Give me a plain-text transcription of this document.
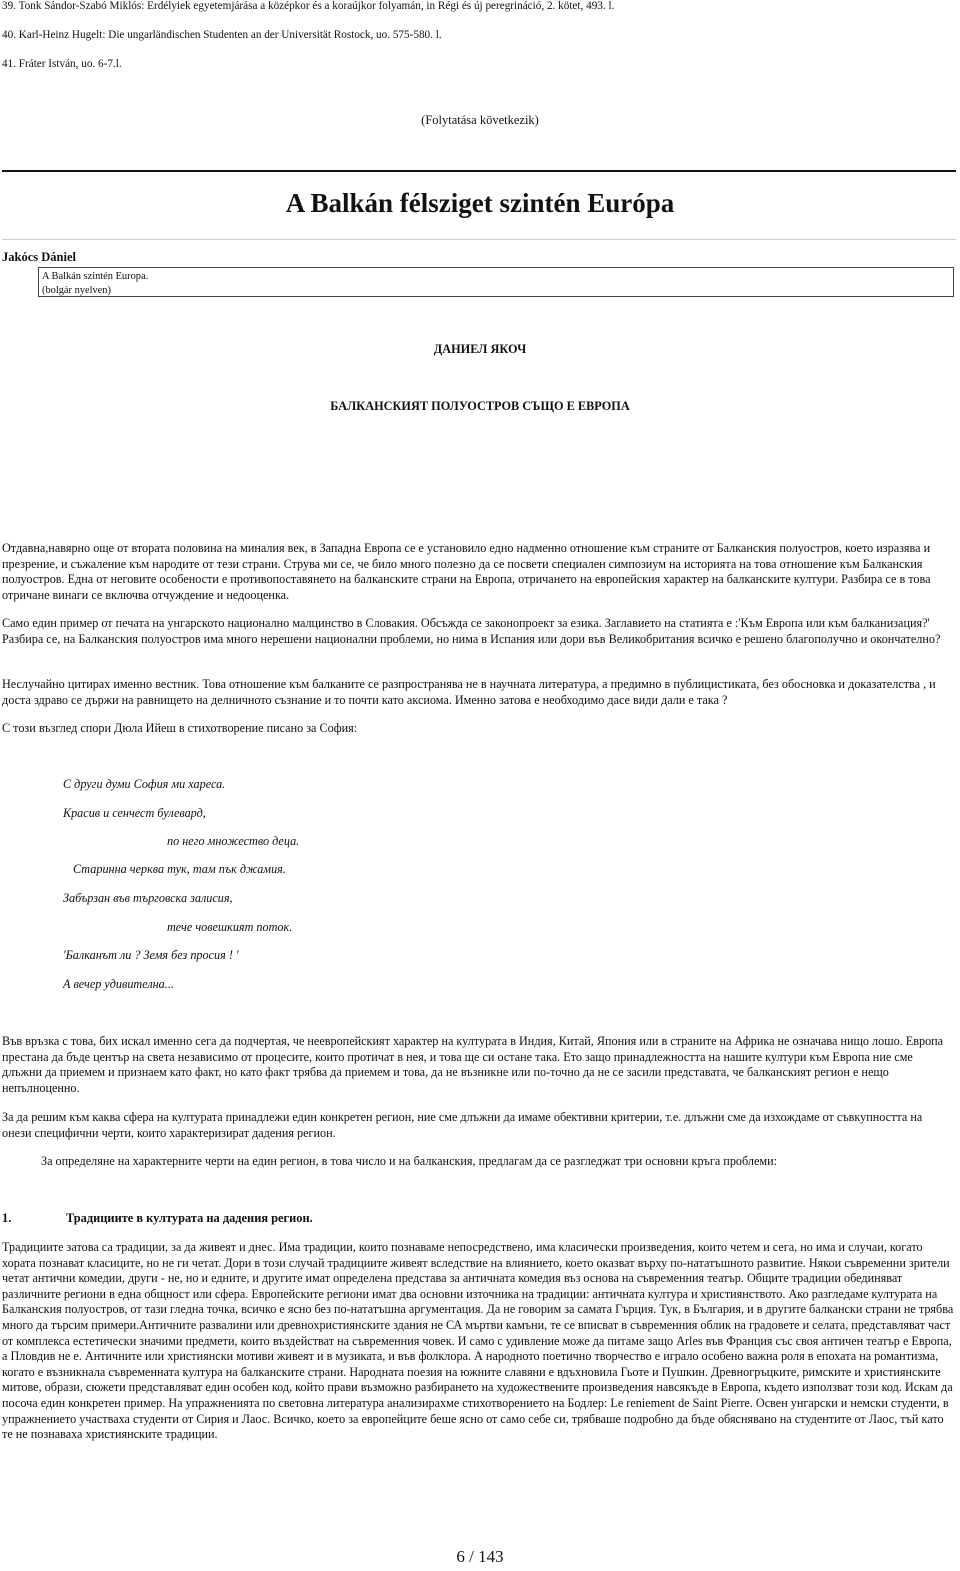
39. Tonk Sándor-Szabó Miklós: Erdélyiek egyetemjárása a középkor és a koraújkor folyamán, in Régi és új peregrináció, 2. kötet, 493. l.
40. Karl-Heinz Hugelt: Die ungarländischen Studenten an der Universität Rostock, uo. 575-580. l.
41. Fráter István, uo. 6-7.l.
(Folytatása következik)
A Balkán félsziget szintén Európa
Jakócs Dániel
A Balkán szintén Europa.
(bolgár nyelven)
ДАНИЕЛ ЯКОЧ
БАЛКАНСКИЯТ ПОЛУОСТРОВ СЪЩО Е ЕВРОПА

Отдавна,навярно още от втората половина на миналия век, в Западна Европа се е установило едно надменно отношение към страните от Балканския полуостров, което изразява и презрение, и съжаление към народите от тези страни. Струва ми се, че било много полезно да се посвети специален симпозиум на историята на това отношение към Балканския полуостров. Една от неговите особености е противопоставянето на балканските страни на Европа, отричането на европейския характер на балканските култури. Разбира се в това отричане винаги се включва отчуждение и недооценка.

Само един пример от печата на унгарското национално малцинство в Словакия. Обсъжда се законопроект за езика. Заглавието на статията е :'Към Европа или към балканизация?' Разбира се, на Балканския полуостров има много нерешени национални проблеми, но нима в Испания или дори във Великобритания всичко е решено благополучно и окончателно?

Неслучайно цитирах именно вестник. Това отношение към балканите се разпространява не в научната литература, а предимно в публицистиката, без обосновка и доказателства , и доста здраво се държи на равнището на делничното съзнание и то почти като аксиома. Именно затова е необходимо дасе види дали е така ?

С този възглед спори Дюла Ийеш в стихотворение писано за София:

С други думи София ми хареса.
Красив и сенчест булевард,
по него множество деца.
Старинна черква тук, там пък джамия.
Забързан във търговска залисия,
тече човешкият поток.
'Балканът ли ? Земя без просия ! '
А вечер удивителна...

Във връзка с това, бих искал именно сега да подчертая, че неевропейският характер на културата в Индия, Китай, Япония или в страните на Африка не означава нищо лошо. Европа престана да бъде център на света независимо от процесите, които протичат в нея, и това ще си остане така. Ето защо принадлежността на нашите култури към Европа ние сме длъжни да приемем и признаем като факт, но като факт трябва да приемем и това, да не възникне или по-точно да не се засили представата, че балканският регион е нещо непълноценно.

За да решим към каква сфера на културата принадлежи един конкретен регион, ние сме длъжни да имаме обективни критерии, т.е. длъжни сме да изхождаме от съвкупността на онези специфични черти, които характеризират дадения регион.

За определяне на характерните черти на един регион, в това число и на балканския, предлагам да се разгледжат три основни кръга проблеми:

1.	Традициите в културата на дадения регион.

Традициите затова са традиции, за да живеят и днес. Има традиции, които познаваме непосредствено, има класически произведения, които четем и сега, но има и случаи, когато хората познават класиците, но не ги четат. Дори в този случай традициите живеят вследствие на влиянието, което оказват върху по-нататъшното развитие. Някои съвременни зрители четат антични комедии, други - не, но и едните, и другите имат определена представа за античната комедия въз основа на съвременния театър. Общите традиции обединяват различните региони в една общност или сфера. Европейските региони имат два основни източника на традиции: античната култура и християнството. Ако разгледаме културата на Балканския полуостров, от тази гледна точка, всичко е ясно без по-нататъшна аргументация. Да не говорим за самата Гърция. Тук, в България, и в другите балкански страни не трябва много да търсим примери.Античните развалини или древнохристиянските здания не СА мъртви камъни, те се вписват в съвременния облик на градовете и селата, представляват част от комплекса естетически значими предмети, които въздействат на съвременния човек. И само с удивление може да питаме защо Arles във Франция със своя античен театър е Европа, а Пловдив не е. Античните или християнски мотиви живеят и в музиката, и във фолклора. А народното поетично творчество е играло особено важна роля в епохата на романтизма, когато е възникнала съвременната култура на балканските страни. Народната поезия на южните славяни е вдъхновила Гьоте и Пушкин. Древногръцките, римските и християнските митове, образи, сюжети представляват един особен код, който прави възможно разбирането на художествените произведения навсякъде в Европа, където използват този код. Искам да посоча един конкретен пример. На упражненията по световна литература анализирахме стихотворението на Бодлер: Le reniement de Saint Pierre. Освен унгарски и немски студенти, в упражнението участваха студенти от Сирия и Лаос. Всичко, което за европейците беше ясно от само себе си, трябваше подробно да бъде обяснявано на студентите от Лаос, тъй като те не познаваха християнските традиции.

6 / 143
